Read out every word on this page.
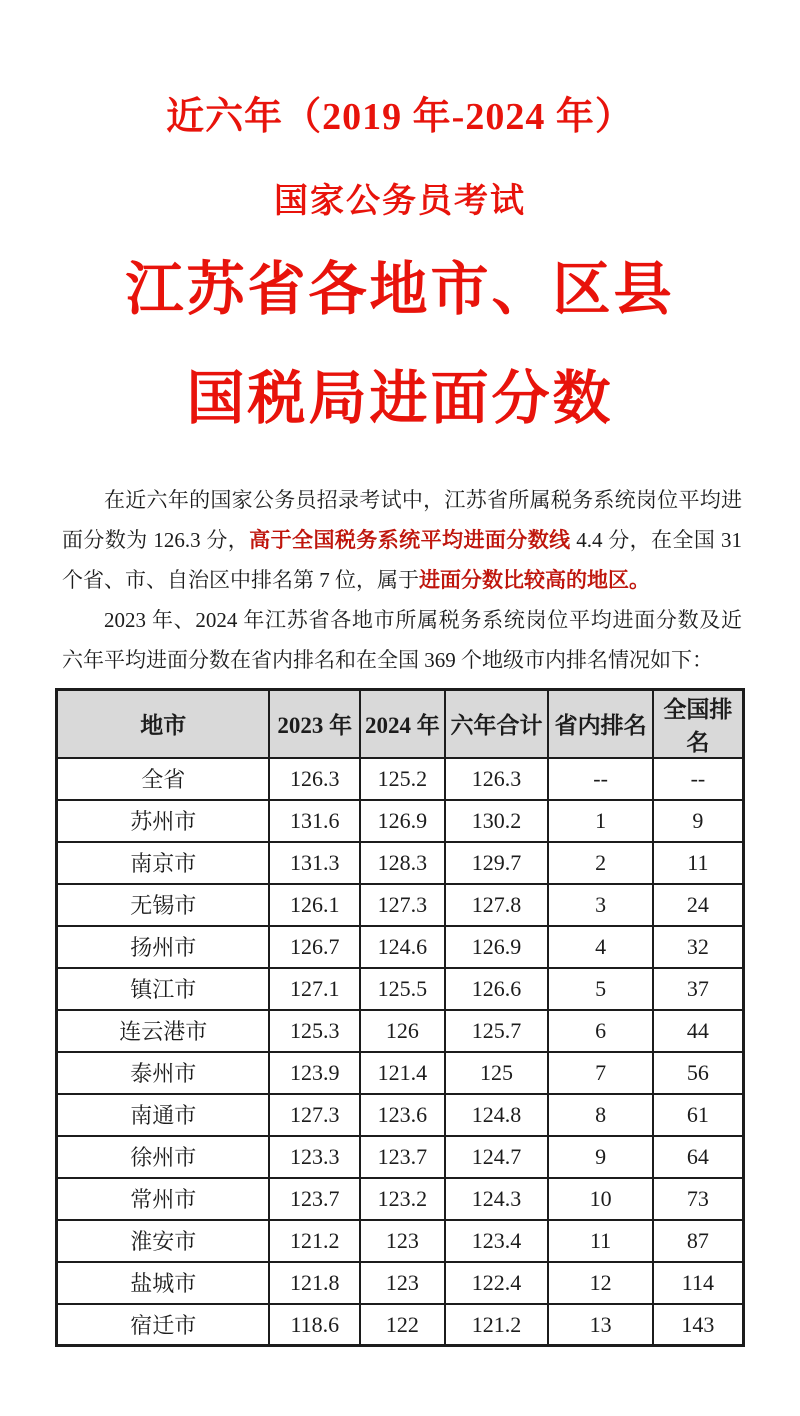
近六年（2019 年-2024 年）
国家公务员考试
江苏省各地市、区县
国税局进面分数

在近六年的国家公务员招录考试中，江苏省所属税务系统岗位平均进面分数为 126.3 分，高于全国税务系统平均进面分数线 4.4 分，在全国 31 个省、市、自治区中排名第 7 位，属于进面分数比较高的地区。

2023 年、2024 年江苏省各地市所属税务系统岗位平均进面分数及近六年平均进面分数在省内排名和在全国 369 个地级市内排名情况如下：

地市	2023 年	2024 年	六年合计	省内排名	全国排名
全省	126.3	125.2	126.3	--	--
苏州市	131.6	126.9	130.2	1	9
南京市	131.3	128.3	129.7	2	11
无锡市	126.1	127.3	127.8	3	24
扬州市	126.7	124.6	126.9	4	32
镇江市	127.1	125.5	126.6	5	37
连云港市	125.3	126	125.7	6	44
泰州市	123.9	121.4	125	7	56
南通市	127.3	123.6	124.8	8	61
徐州市	123.3	123.7	124.7	9	64
常州市	123.7	123.2	124.3	10	73
淮安市	121.2	123	123.4	11	87
盐城市	121.8	123	122.4	12	114
宿迁市	118.6	122	121.2	13	143
